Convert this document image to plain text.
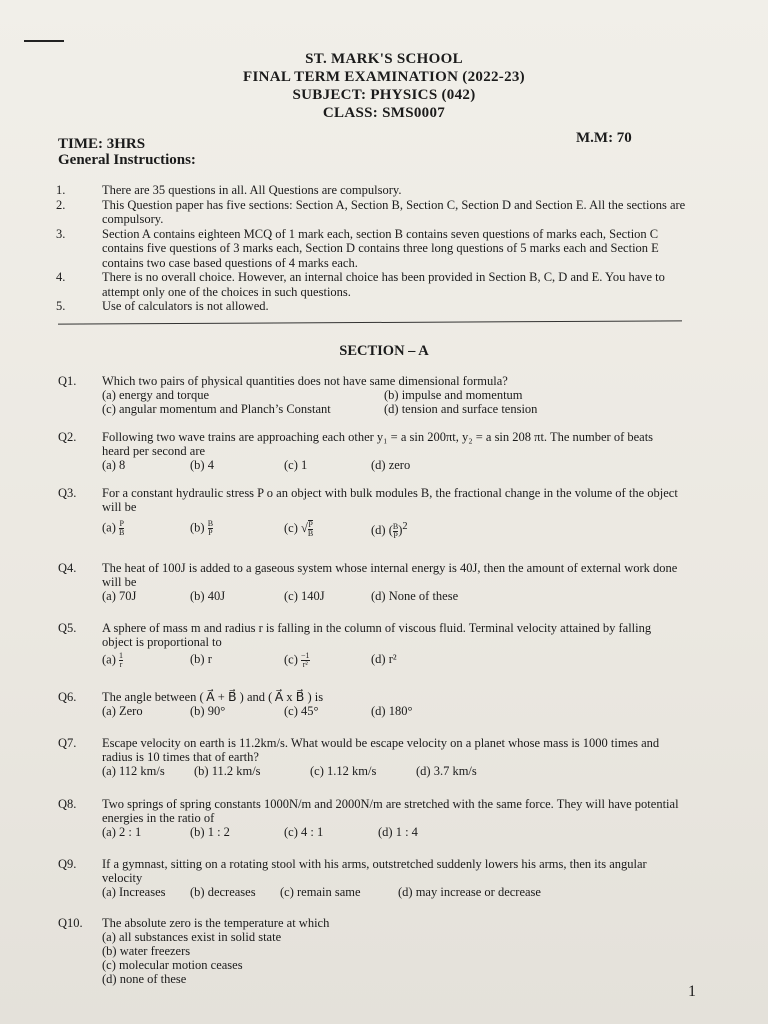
ST. MARK'S SCHOOL
FINAL TERM EXAMINATION (2022-23)
SUBJECT: PHYSICS (042)
CLASS: SMS0007
TIME: 3HRS	M.M: 70
General Instructions:
1.	There are 35 questions in all. All Questions are compulsory.
2.	This Question paper has five sections: Section A, Section B, Section C, Section D and Section E. All the sections are compulsory.
3.	Section A contains eighteen MCQ of 1 mark each, section B contains seven questions of marks each, Section C contains five questions of 3 marks each, Section D contains three long questions of 5 marks each and Section E contains two case based questions of 4 marks each.
4.	There is no overall choice. However, an internal choice has been provided in Section B, C, D and E. You have to attempt only one of the choices in such questions.
5.	Use of calculators is not allowed.
SECTION – A
Q1. Which two pairs of physical quantities does not have same dimensional formula?
(a) energy and torque	(b) impulse and momentum
(c) angular momentum and Planch’s Constant	(d) tension and surface tension
Q2. Following two wave trains are approaching each other y₁ = a sin 200πt, y₂ = a sin 208 πt. The number of beats heard per second are
(a) 8	(b) 4	(c) 1	(d) zero
Q3. For a constant hydraulic stress P o an object with bulk modules B, the fractional change in the volume of the object will be
$(a) \frac{P}{B}$	$(b) \frac{B}{P}$	(c) √ $\frac{P}{B}$	(d) ( $\frac{B}{P} )^2$
Q4. The heat of 100J is added to a gaseous system whose internal energy is 40J, then the amount of external work done will be
(a) 70J	(b) 40J	(c) 140J	(d) None of these
Q5. A sphere of mass m and radius r is falling in the column of viscous fluid. Terminal velocity attained by falling object is proportional to
$(a) \frac{1}{r}$	(b) r	$(c) \frac{-1}{\text{r²}}$	(d) r²
Q6. The angle between ( A⃗ + B⃗ ) and ( A⃗ x B⃗ ) is
(a) Zero	(b) 90°	(c) 45°	(d) 180°
Q7. Escape velocity on earth is 11.2km/s. What would be escape velocity on a planet whose mass is 1000 times and radius is 10 times that of earth?
(a) 112 km/s	(b) 11.2 km/s	(c) 1.12 km/s	(d) 3.7 km/s
Q8. Two springs of spring constants 1000N/m and 2000N/m are stretched with the same force. They will have potential energies in the ratio of
(a) 2 : 1	(b) 1 : 2	(c) 4 : 1	(d) 1 : 4
Q9. If a gymnast, sitting on a rotating stool with his arms, outstretched suddenly lowers his arms, then its angular velocity
(a) Increases	(b) decreases	(c) remain same	(d) may increase or decrease
Q10. The absolute zero is the temperature at which
(a) all substances exist in solid state
(b) water freezers
(c) molecular motion ceases
(d) none of these
1
